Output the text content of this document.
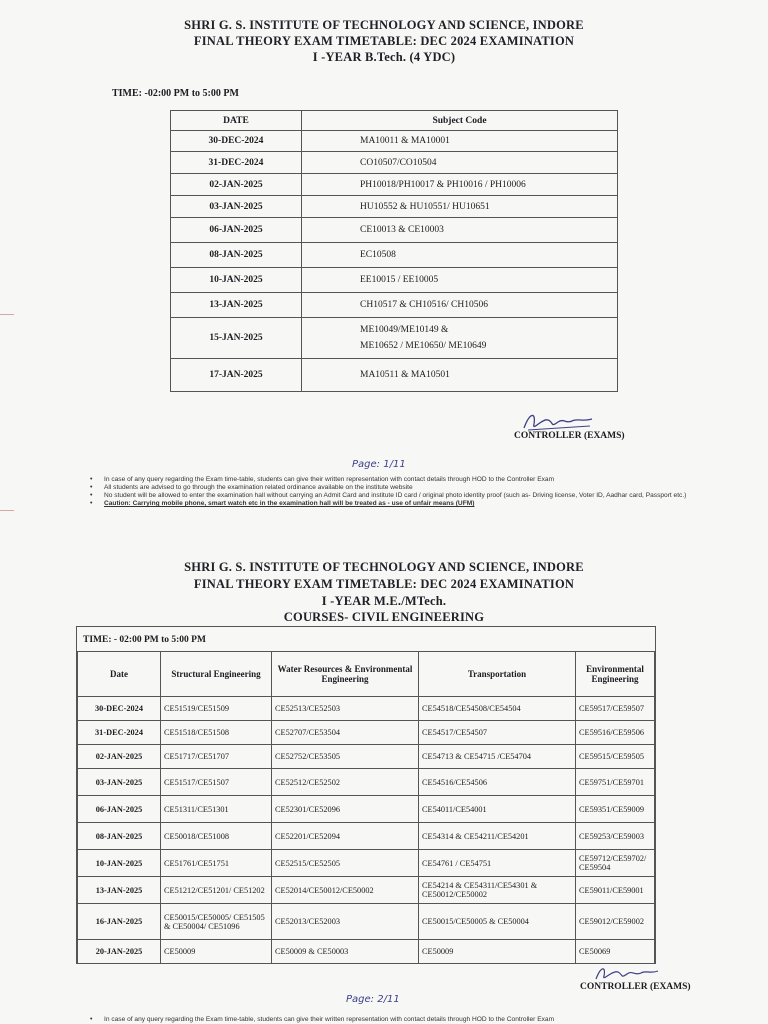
SHRI G. S. INSTITUTE OF TECHNOLOGY AND SCIENCE, INDORE
FINAL THEORY EXAM TIMETABLE: DEC 2024 EXAMINATION
I -YEAR B.Tech. (4 YDC)
TIME: -02:00 PM to 5:00 PM
DATE	Subject Code
30-DEC-2024	MA10011 & MA10001
31-DEC-2024	CO10507/CO10504
02-JAN-2025	PH10018/PH10017 & PH10016 / PH10006
03-JAN-2025	HU10552 & HU10551/ HU10651
06-JAN-2025	CE10013 & CE10003
08-JAN-2025	EC10508
10-JAN-2025	EE10015 / EE10005
13-JAN-2025	CH10517 & CH10516/ CH10506
15-JAN-2025	ME10049/ME10149 &
ME10652 / ME10650/ ME10649

17-JAN-2025	MA10511 & MA10501
CONTROLLER (EXAMS)
Page: 1/11
•	In case of any query regarding the Exam time-table, students can give their written representation with contact details through HOD to the Controller Exam
•	All students are advised to go through the examination related ordinance available on the institute website
•	No student will be allowed to enter the examination hall without carrying an Admit Card and institute ID card / original photo identity proof (such as- Driving license, Voter ID, Aadhar card, Passport etc.)
•	Caution: Carrying mobile phone, smart watch etc in the examination hall will be treated as - use of unfair means (UFM)
SHRI G. S. INSTITUTE OF TECHNOLOGY AND SCIENCE, INDORE
FINAL THEORY EXAM TIMETABLE: DEC 2024 EXAMINATION
I -YEAR M.E./MTech.
COURSES- CIVIL ENGINEERING
TIME: - 02:00 PM to 5:00 PM
Date	Structural Engineering	Water Resources & Environmental Engineering	Transportation	Environmental Engineering
30-DEC-2024	CE51519/CE51509	CE52513/CE52503	CE54518/CE54508/CE54504	CE59517/CE59507
31-DEC-2024	CE51518/CE51508	CE52707/CE53504	CE54517/CE54507	CE59516/CE59506
02-JAN-2025	CE51717/CE51707	CE52752/CE53505	CE54713 & CE54715 /CE54704	CE59515/CE59505
03-JAN-2025	CE51517/CE51507	CE52512/CE52502	CE54516/CE54506	CE59751/CE59701
06-JAN-2025	CE51311/CE51301	CE52301/CE52096	CE54011/CE54001	CE59351/CE59009
08-JAN-2025	CE50018/CE51008	CE52201/CE52094	CE54314 & CE54211/CE54201	CE59253/CE59003
10-JAN-2025	CE51761/CE51751	CE52515/CE52505	CE54761 / CE54751	CE59712/CE59702/ CE59504
13-JAN-2025	CE51212/CE51201/ CE51202	CE52014/CE50012/CE50002	CE54214 & CE54311/CE54301 & CE50012/CE50002	CE59011/CE59001
16-JAN-2025	CE50015/CE50005/ CE51505 & CE50004/ CE51096	CE52013/CE52003	CE50015/CE50005 & CE50004	CE59012/CE59002
20-JAN-2025	CE50009	CE50009 & CE50003	CE50009	CE50069
CONTROLLER (EXAMS)
Page: 2/11
•	In case of any query regarding the Exam time-table, students can give their written representation with contact details through HOD to the Controller Exam
